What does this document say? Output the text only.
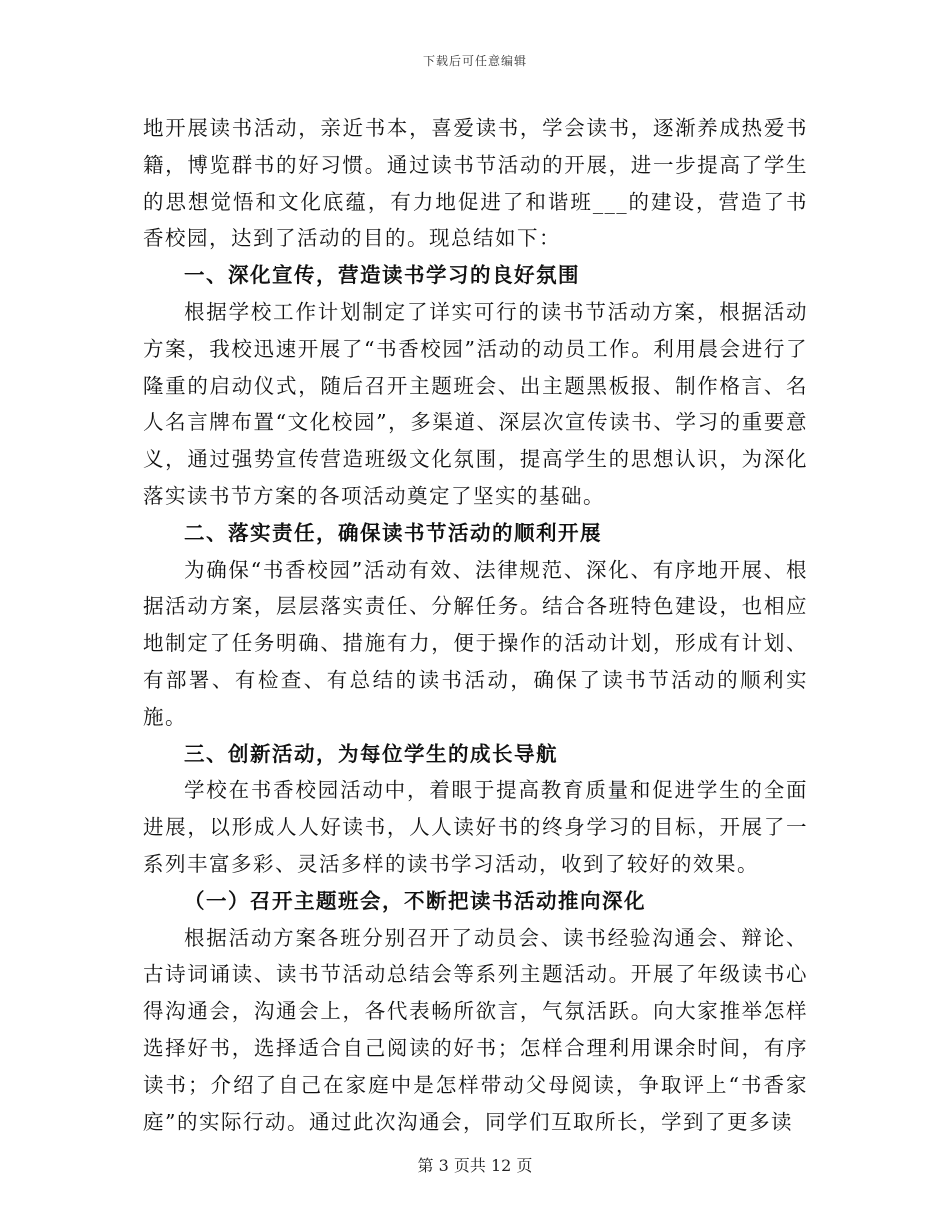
下载后可任意编辑

地开展读书活动，亲近书本，喜爱读书，学会读书，逐渐养成热爱书籍，博览群书的好习惯。通过读书节活动的开展，进一步提高了学生的思想觉悟和文化底蕴，有力地促进了和谐班___的建设，营造了书香校园，达到了活动的目的。现总结如下：

一、深化宣传，营造读书学习的良好氛围

根据学校工作计划制定了详实可行的读书节活动方案，根据活动方案，我校迅速开展了“书香校园”活动的动员工作。利用晨会进行了隆重的启动仪式，随后召开主题班会、出主题黑板报、制作格言、名人名言牌布置“文化校园”，多渠道、深层次宣传读书、学习的重要意义，通过强势宣传营造班级文化氛围，提高学生的思想认识，为深化落实读书节方案的各项活动奠定了坚实的基础。

二、落实责任，确保读书节活动的顺利开展

为确保“书香校园”活动有效、法律规范、深化、有序地开展、根据活动方案，层层落实责任、分解任务。结合各班特色建设，也相应地制定了任务明确、措施有力，便于操作的活动计划，形成有计划、有部署、有检查、有总结的读书活动，确保了读书节活动的顺利实施。

三、创新活动，为每位学生的成长导航

学校在书香校园活动中，着眼于提高教育质量和促进学生的全面进展，以形成人人好读书，人人读好书的终身学习的目标，开展了一系列丰富多彩、灵活多样的读书学习活动，收到了较好的效果。

（一）召开主题班会，不断把读书活动推向深化

根据活动方案各班分别召开了动员会、读书经验沟通会、辩论、古诗词诵读、读书节活动总结会等系列主题活动。开展了年级读书心得沟通会，沟通会上，各代表畅所欲言，气氛活跃。向大家推举怎样选择好书，选择适合自己阅读的好书；怎样合理利用课余时间，有序读书；介绍了自己在家庭中是怎样带动父母阅读，争取评上“书香家庭”的实际行动。通过此次沟通会，同学们互取所长，学到了更多读

第 3 页共 12 页
